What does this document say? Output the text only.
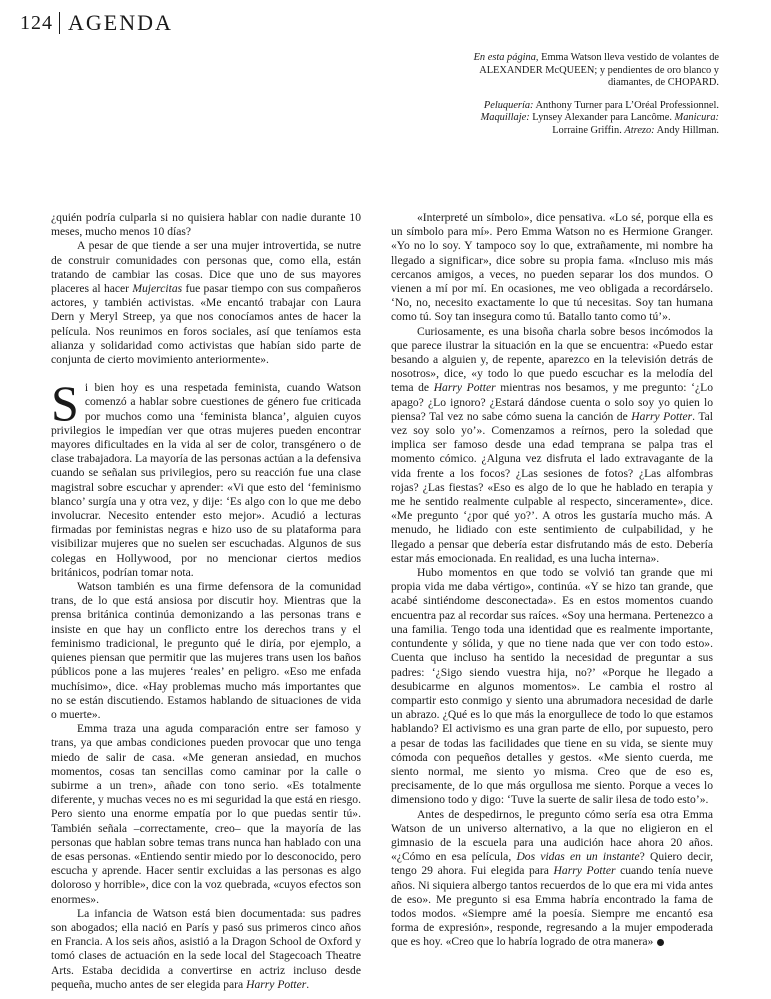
124 AGENDA

En esta página, Emma Watson lleva vestido de volantes de ALEXANDER McQUEEN; y pendientes de oro blanco y diamantes, de CHOPARD.

Peluquería: Anthony Turner para L’Oréal Professionnel. Maquillaje: Lynsey Alexander para Lancôme. Manicura: Lorraine Griffin. Atrezo: Andy Hillman.

¿quién podría culparla si no quisiera hablar con nadie durante 10 meses, mucho menos 10 días?

A pesar de que tiende a ser una mujer introvertida, se nutre de construir comunidades con personas que, como ella, están tratando de cambiar las cosas. Dice que uno de sus mayores placeres al hacer Mujercitas fue pasar tiempo con sus compañeros actores, y también activistas. «Me encantó trabajar con Laura Dern y Meryl Streep, ya que nos conocíamos antes de hacer la película. Nos reunimos en foros sociales, así que teníamos esta alianza y solidaridad como activistas que habían sido parte de conjunta de cierto movimiento anteriormente».

Si bien hoy es una respetada feminista, cuando Watson comenzó a hablar sobre cuestiones de género fue criticada por muchos como una ‘feminista blanca’, alguien cuyos privilegios le impedían ver que otras mujeres pueden encontrar mayores dificultades en la vida al ser de color, transgénero o de clase trabajadora. La mayoría de las personas actúan a la defensiva cuando se señalan sus privilegios, pero su reacción fue una clase magistral sobre escuchar y aprender: «Vi que esto del ‘feminismo blanco’ surgía una y otra vez, y dije: ‘Es algo con lo que me debo involucrar. Necesito entender esto mejor». Acudió a lecturas firmadas por feministas negras e hizo uso de su plataforma para visibilizar mujeres que no suelen ser escuchadas. Algunos de sus colegas en Hollywood, por no mencionar ciertos medios británicos, podrían tomar nota.

Watson también es una firme defensora de la comunidad trans, de lo que está ansiosa por discutir hoy. Mientras que la prensa británica continúa demonizando a las personas trans e insiste en que hay un conflicto entre los derechos trans y el feminismo tradicional, le pregunto qué le diría, por ejemplo, a quienes piensan que permitir que las mujeres trans usen los baños públicos pone a las mujeres ‘reales’ en peligro. «Eso me enfada muchísimo», dice. «Hay problemas mucho más importantes que no se están discutiendo. Estamos hablando de situaciones de vida o muerte».

Emma traza una aguda comparación entre ser famoso y trans, ya que ambas condiciones pueden provocar que uno tenga miedo de salir de casa. «Me generan ansiedad, en muchos momentos, cosas tan sencillas como caminar por la calle o subirme a un tren», añade con tono serio. «Es totalmente diferente, y muchas veces no es mi seguridad la que está en riesgo. Pero siento una enorme empatía por lo que puedas sentir tú». También señala –correctamente, creo– que la mayoría de las personas que hablan sobre temas trans nunca han hablado con una de esas personas. «Entiendo sentir miedo por lo desconocido, pero escucha y aprende. Hacer sentir excluidas a las personas es algo doloroso y horrible», dice con la voz quebrada, «cuyos efectos son enormes».

La infancia de Watson está bien documentada: sus padres son abogados; ella nació en París y pasó sus primeros cinco años en Francia. A los seis años, asistió a la Dragon School de Oxford y tomó clases de actuación en la sede local del Stagecoach Theatre Arts. Estaba decidida a convertirse en actriz incluso desde pequeña, mucho antes de ser elegida para Harry Potter.

«Interpreté un símbolo», dice pensativa. «Lo sé, porque ella es un símbolo para mí». Pero Emma Watson no es Hermione Granger. «Yo no lo soy. Y tampoco soy lo que, extrañamente, mi nombre ha llegado a significar», dice sobre su propia fama. «Incluso mis más cercanos amigos, a veces, no pueden separar los dos mundos. O vienen a mí por mí. En ocasiones, me veo obligada a recordárselo. ‘No, no, necesito exactamente lo que tú necesitas. Soy tan humana como tú. Soy tan insegura como tú. Batallo tanto como tú’».

Curiosamente, es una bisoña charla sobre besos incómodos la que parece ilustrar la situación en la que se encuentra: «Puedo estar besando a alguien y, de repente, aparezco en la televisión detrás de nosotros», dice, «y todo lo que puedo escuchar es la melodía del tema de Harry Potter mientras nos besamos, y me pregunto: ‘¿Lo apago? ¿Lo ignoro? ¿Estará dándose cuenta o solo soy yo quien lo piensa? Tal vez no sabe cómo suena la canción de Harry Potter. Tal vez soy solo yo’». Comenzamos a reírnos, pero la soledad que implica ser famoso desde una edad temprana se palpa tras el momento cómico. ¿Alguna vez disfruta el lado extravagante de la vida frente a los focos? ¿Las sesiones de fotos? ¿Las alfombras rojas? ¿Las fiestas? «Eso es algo de lo que he hablado en terapia y me he sentido realmente culpable al respecto, sinceramente», dice. «Me pregunto ‘¿por qué yo?’. A otros les gustaría mucho más. A menudo, he lidiado con este sentimiento de culpabilidad, y he llegado a pensar que debería estar disfrutando más de esto. Debería estar más emocionada. En realidad, es una lucha interna».

Hubo momentos en que todo se volvió tan grande que mi propia vida me daba vértigo», continúa. «Y se hizo tan grande, que acabé sintiéndome desconectada». Es en estos momentos cuando encuentra paz al recordar sus raíces. «Soy una hermana. Pertenezco a una familia. Tengo toda una identidad que es realmente importante, contundente y sólida, y que no tiene nada que ver con todo esto». Cuenta que incluso ha sentido la necesidad de preguntar a sus padres: ‘¿Sigo siendo vuestra hija, no?’ «Porque he llegado a desubicarme en algunos momentos». Le cambia el rostro al compartir esto conmigo y siento una abrumadora necesidad de darle un abrazo. ¿Qué es lo que más la enorgullece de todo lo que estamos hablando? El activismo es una gran parte de ello, por supuesto, pero a pesar de todas las facilidades que tiene en su vida, se siente muy cómoda con pequeños detalles y gestos. «Me siento cuerda, me siento normal, me siento yo misma. Creo que de eso es, precisamente, de lo que más orgullosa me siento. Porque a veces lo dimensiono todo y digo: ‘Tuve la suerte de salir ilesa de todo esto’».

Antes de despedirnos, le pregunto cómo sería esa otra Emma Watson de un universo alternativo, a la que no eligieron en el gimnasio de la escuela para una audición hace ahora 20 años. «¿Cómo en esa película, Dos vidas en un instante? Quiero decir, tengo 29 ahora. Fui elegida para Harry Potter cuando tenía nueve años. Ni siquiera albergo tantos recuerdos de lo que era mi vida antes de eso». Me pregunto si esa Emma habría encontrado la fama de todos modos. «Siempre amé la poesía. Siempre me encantó esa forma de expresión», responde, regresando a la mujer empoderada que es hoy. «Creo que lo habría logrado de otra manera»
